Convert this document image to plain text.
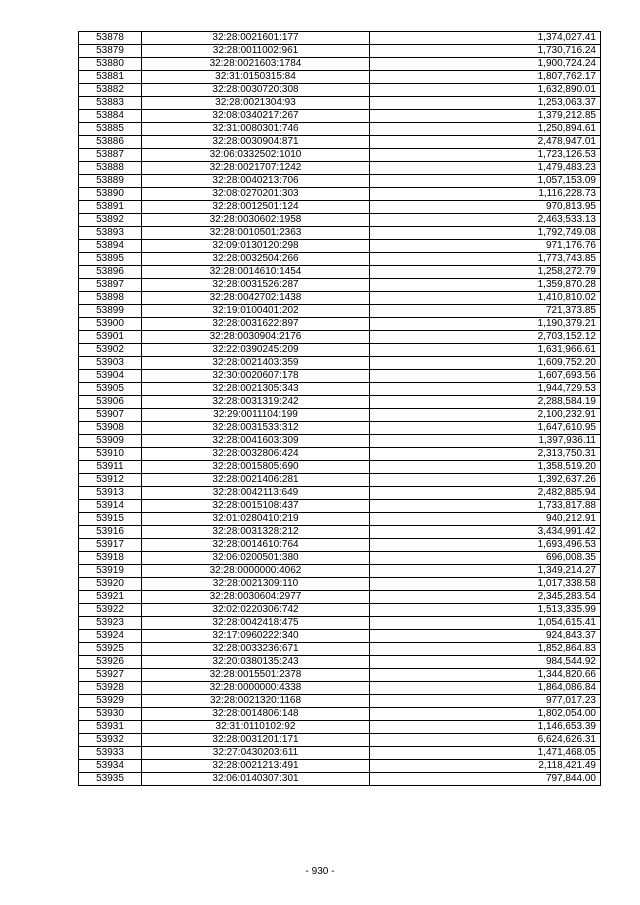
53878	32:28:0021601:177	1,374,027.41
53879	32:28:0011002:961	1,730,716.24
53880	32:28:0021603:1784	1,900,724.24
53881	32:31:0150315:84	1,807,762.17
53882	32:28:0030720:308	1,632,890.01
53883	32:28:0021304:93	1,253,063.37
53884	32:08:0340217:267	1,379,212.85
53885	32:31:0080301:746	1,250,894.61
53886	32:28:0030904:871	2,478,947.01
53887	32:06:0332502:1010	1,723,126.53
53888	32:28:0021707:1242	1,479,483.23
53889	32:28:0040213:706	1,057,153.09
53890	32:08:0270201:303	1,116,228.73
53891	32:28:0012501:124	970,813.95
53892	32:28:0030602:1958	2,463,533.13
53893	32:28:0010501:2363	1,792,749.08
53894	32:09:0130120:298	971,176.76
53895	32:28:0032504:266	1,773,743.85
53896	32:28:0014610:1454	1,258,272.79
53897	32:28:0031526:287	1,359,870.28
53898	32:28:0042702:1438	1,410,810.02
53899	32:19:0100401:202	721,373.85
53900	32:28:0031622:897	1,190,379.21
53901	32:28:0030904:2176	2,703,152.12
53902	32:22:0390245:209	1,631,966.61
53903	32:28:0021403:359	1,609,752.20
53904	32:30:0020607:178	1,607,693.56
53905	32:28:0021305:343	1,944,729.53
53906	32:28:0031319:242	2,288,584.19
53907	32:29:0011104:199	2,100,232.91
53908	32:28:0031533:312	1,647,610.95
53909	32:28:0041603:309	1,397,936.11
53910	32:28:0032806:424	2,313,750.31
53911	32:28:0015805:690	1,358,519.20
53912	32:28:0021406:281	1,392,637.26
53913	32:28:0042113:649	2,482,885.94
53914	32:28:0015108:437	1,733,817.88
53915	32:01:0280410:219	940,212.91
53916	32:28:0031328:212	3,434,991.42
53917	32:28:0014610:764	1,693,496.53
53918	32:06:0200501:380	696,008.35
53919	32:28:0000000:4062	1,349,214.27
53920	32:28:0021309:110	1,017,338.58
53921	32:28:0030604:2977	2,345,283.54
53922	32:02:0220306:742	1,513,335.99
53923	32:28:0042418:475	1,054,615.41
53924	32:17:0960222:340	924,843.37
53925	32:28:0033236:671	1,852,864.83
53926	32:20:0380135:243	984,544.92
53927	32:28:0015501:2378	1,344,820.66
53928	32:28:0000000:4338	1,864,086.84
53929	32:28:0021320:1168	977,017.23
53930	32:28:0014806:148	1,802,054.00
53931	32:31:0110102:92	1,146,653.39
53932	32:28:0031201:171	6,624,626.31
53933	32:27:0430203:611	1,471,468.05
53934	32:28:0021213:491	2,118,421.49
53935	32:06:0140307:301	797,844.00
- 930 -
